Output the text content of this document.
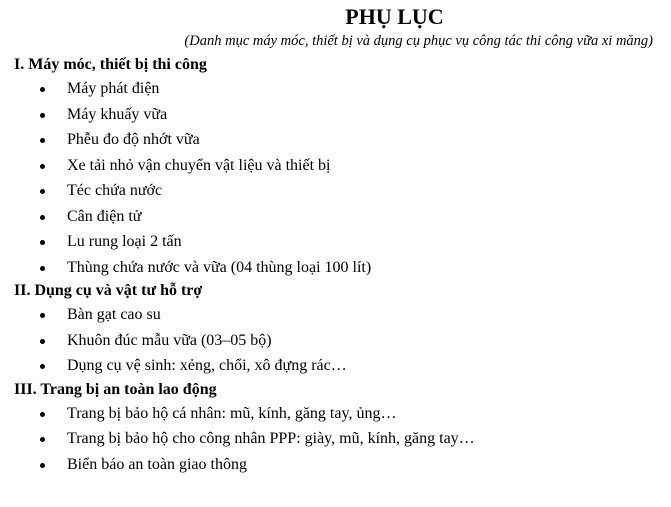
PHỤ LỤC

(Danh mục máy móc, thiết bị và dụng cụ phục vụ công tác thi công vữa xi măng)

I. Máy móc, thiết bị thi công
Máy phát điện
Máy khuấy vữa
Phễu đo độ nhớt vữa
Xe tải nhỏ vận chuyển vật liệu và thiết bị
Téc chứa nước
Cân điện tử
Lu rung loại 2 tấn
Thùng chứa nước và vữa (04 thùng loại 100 lít)
II. Dụng cụ và vật tư hỗ trợ
Bàn gạt cao su
Khuôn đúc mẫu vữa (03–05 bộ)
Dụng cụ vệ sinh: xẻng, chổi, xô đựng rác…
III. Trang bị an toàn lao động
Trang bị bảo hộ cá nhân: mũ, kính, găng tay, ủng…
Trang bị bảo hộ cho công nhân PPP: giày, mũ, kính, găng tay…
Biển báo an toàn giao thông
